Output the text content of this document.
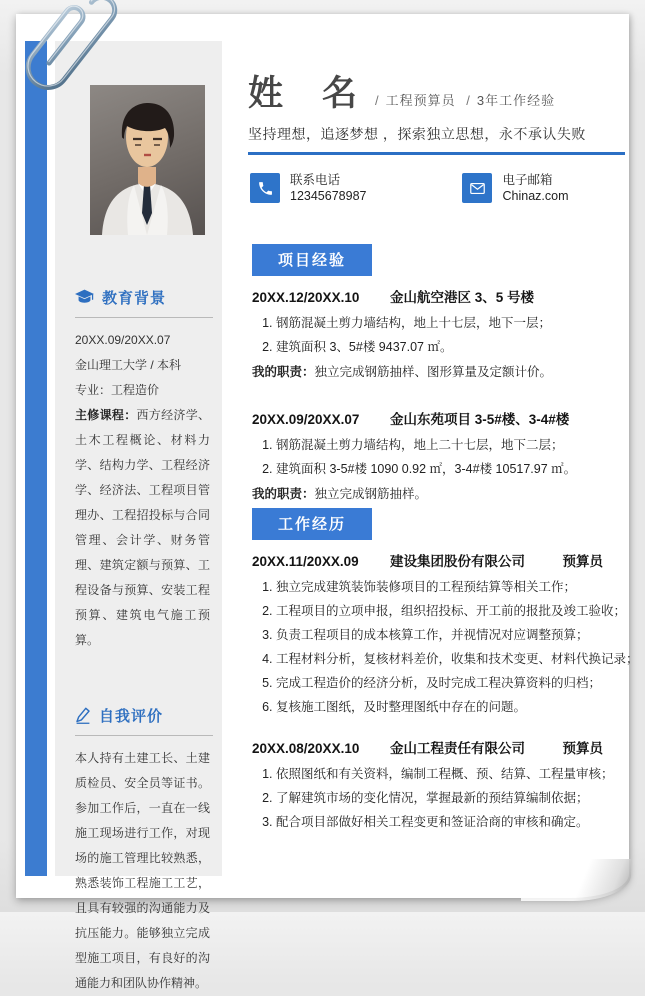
教育背景
20XX.09/20XX.07
金山理工大学 / 本科
专业：工程造价
主修课程：西方经济学、土木工程概论、材料力学、结构力学、工程经济学、经济法、工程项目管理办、工程招投标与合同管理、会计学、财务管理、建筑定额与预算、工程设备与预算、安装工程预算、建筑电气施工预算。
自我评价
本人持有土建工长、土建质检员、安全员等证书。参加工作后，一直在一线施工现场进行工作，对现场的施工管理比较熟悉，熟悉装饰工程施工工艺，且具有较强的沟通能力及抗压能力。能够独立完成型施工项目，有良好的沟通能力和团队协作精神。
姓　名	/ 工程预算员 / 3年工作经验
坚持理想，追逐梦想 ，探索独立思想，永不承认失败
联系电话
12345678987
电子邮箱
Chinaz.com
项目经验
20XX.12/20XX.10	金山航空港区 3、5 号楼
1. 钢筋混凝土剪力墙结构，地上十七层，地下一层；
2. 建筑面积 3、5#楼 9437.07 ㎡。
我的职责：独立完成钢筋抽样、图形算量及定额计价。
20XX.09/20XX.07	金山东苑项目 3-5#楼、3-4#楼
1. 钢筋混凝土剪力墙结构，地上二十七层，地下二层；
2. 建筑面积 3-5#楼 1090 0.92 ㎡，3-4#楼 10517.97 ㎡。
我的职责：独立完成钢筋抽样。
工作经历
20XX.11/20XX.09	建设集团股份有限公司	预算员
1. 独立完成建筑装饰装修项目的工程预结算等相关工作；
2. 工程项目的立项申报，组织招投标、开工前的报批及竣工验收；
3. 负责工程项目的成本核算工作，并视情况对应调整预算；
4. 工程材料分析，复核材料差价，收集和技术变更、材料代换记录；
5. 完成工程造价的经济分析，及时完成工程决算资料的归档；
6. 复核施工图纸，及时整理图纸中存在的问题。
20XX.08/20XX.10	金山工程责任有限公司	预算员
1. 依照图纸和有关资料，编制工程概、预、结算、工程量审核；
2. 了解建筑市场的变化情况，掌握最新的预结算编制依据；
3. 配合项目部做好相关工程变更和签证洽商的审核和确定。
